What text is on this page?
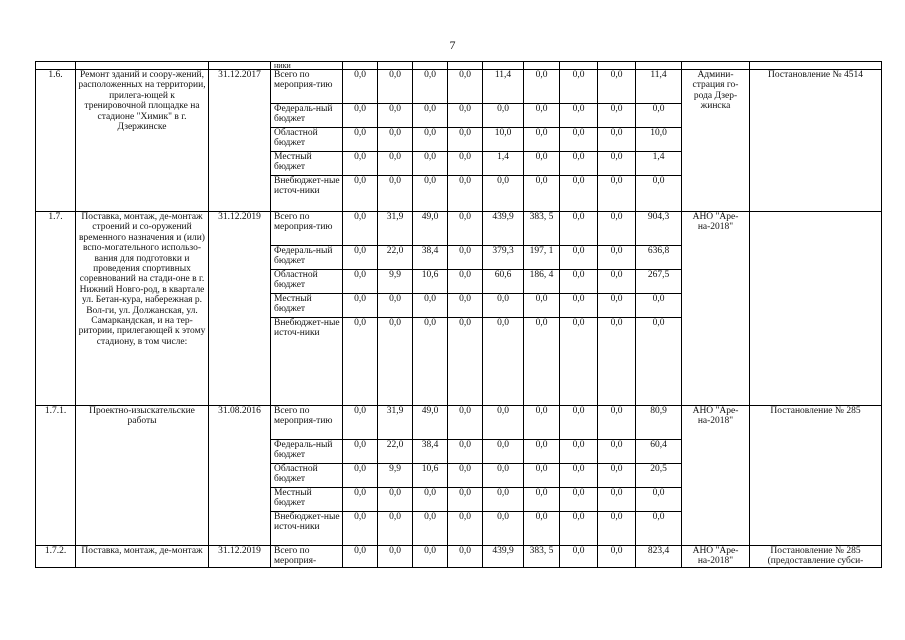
7
			ники											
1.6.	Ремонт зданий и соору-жений, расположенных на территории, прилега-ющей к тренировочной площадке на стадионе "Химик" в г. Дзержинске	31.12.2017	Всего по мероприя-тию	0,0	0,0	0,0	0,0	11,4	0,0	0,0	0,0	11,4	Админи-страция го-рода Дзер-жинска	Постановление № 4514
			Федераль-ный бюджет	0,0	0,0	0,0	0,0	0,0	0,0	0,0	0,0	0,0		
			Областной бюджет	0,0	0,0	0,0	0,0	10,0	0,0	0,0	0,0	10,0		
			Местный бюджет	0,0	0,0	0,0	0,0	1,4	0,0	0,0	0,0	1,4		
			Внебюджет-ные источ-ники	0,0	0,0	0,0	0,0	0,0	0,0	0,0	0,0	0,0		
1.7.	Поставка, монтаж, де-монтаж строений и со-оружений временного назначения и (или) вспо-могательного использо-вания для подготовки и проведения спортивных соревнований на стади-оне в г. Нижний Новго-род, в квартале ул. Бетан-кура, набережная р. Вол-ги, ул. Должанская, ул. Самаркандская, и на тер-ритории, прилегающей к этому стадиону, в том числе:	31.12.2019	Всего по мероприя-тию	0,0	31,9	49,0	0,0	439,9	383, 5	0,0	0,0	904,3	АНО "Аре-на-2018"	
			Федераль-ный бюджет	0,0	22,0	38,4	0,0	379,3	197, 1	0,0	0,0	636,8		
			Областной бюджет	0,0	9,9	10,6	0,0	60,6	186, 4	0,0	0,0	267,5		
			Местный бюджет	0,0	0,0	0,0	0,0	0,0	0,0	0,0	0,0	0,0		
			Внебюджет-ные источ-ники	0,0	0,0	0,0	0,0	0,0	0,0	0,0	0,0	0,0		
1.7.1.	Проектно-изыскательские работы	31.08.2016	Всего по мероприя-тию	0,0	31,9	49,0	0,0	0,0	0,0	0,0	0,0	80,9	АНО "Аре-на-2018"	Постановление № 285
			Федераль-ный бюджет	0,0	22,0	38,4	0,0	0,0	0,0	0,0	0,0	60,4		
			Областной бюджет	0,0	9,9	10,6	0,0	0,0	0,0	0,0	0,0	20,5		
			Местный бюджет	0,0	0,0	0,0	0,0	0,0	0,0	0,0	0,0	0,0		
			Внебюджет-ные источ-ники	0,0	0,0	0,0	0,0	0,0	0,0	0,0	0,0	0,0		
1.7.2.	Поставка, монтаж, де-монтаж	31.12.2019	Всего по мероприя-	0,0	0,0	0,0	0,0	439,9	383, 5	0,0	0,0	823,4	АНО "Аре-на-2018"	Постановление № 285 (предоставление субси-
